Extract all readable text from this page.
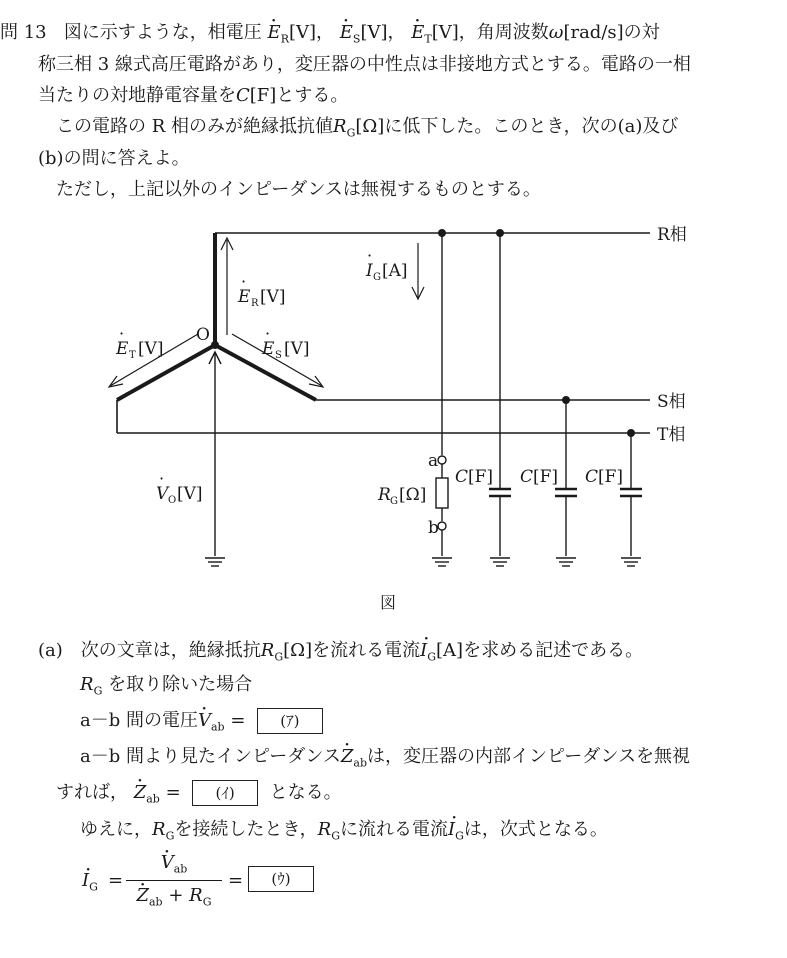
問 13 図に示すような，相電圧 · $E_R[V]$， · $E_S[V]$， · $E_T[V]$，角周波数ω[rad/s]の対
称三相 3 線式高圧電路があり，変圧器の中性点は非接地方式とする。電路の一相
当たりの対地静電容量をC[F]とする。
この電路の R 相のみが絶縁抵抗値$R_G[\Omega]$に低下した。このとき，次の(a)及び
(b)の問に答えよ。
ただし，上記以外のインピーダンスは無視するものとする。
R相
S相
T相
O
E R [V]
·
E S [V]
·
E T [V]
·
I G [A]
·
V O [V]
·
R G [Ω]
a
b
C [F] C [F] C [F]
図
(a)　次の文章は，絶縁抵抗$R_G[\Omega]$を流れる電流· $I_G[A]$を求める記述である。
$R_G$ を取り除いた場合
a－b 間の電圧· $V_{ab}$ = (ｱ)
a－b 間より見たインピーダンス· $Z_{ab}$は，変圧器の内部インピーダンスを無視
すれば， · $Z_{ab}$ = (ｲ) となる。
ゆえに，$R_G$を接続したとき，$R_G$に流れる電流· $I_G$は，次式となる。
· $I_G$ =
· $V_{ab}$
· $Z_{ab} + R_G$
=	(ｳ)
